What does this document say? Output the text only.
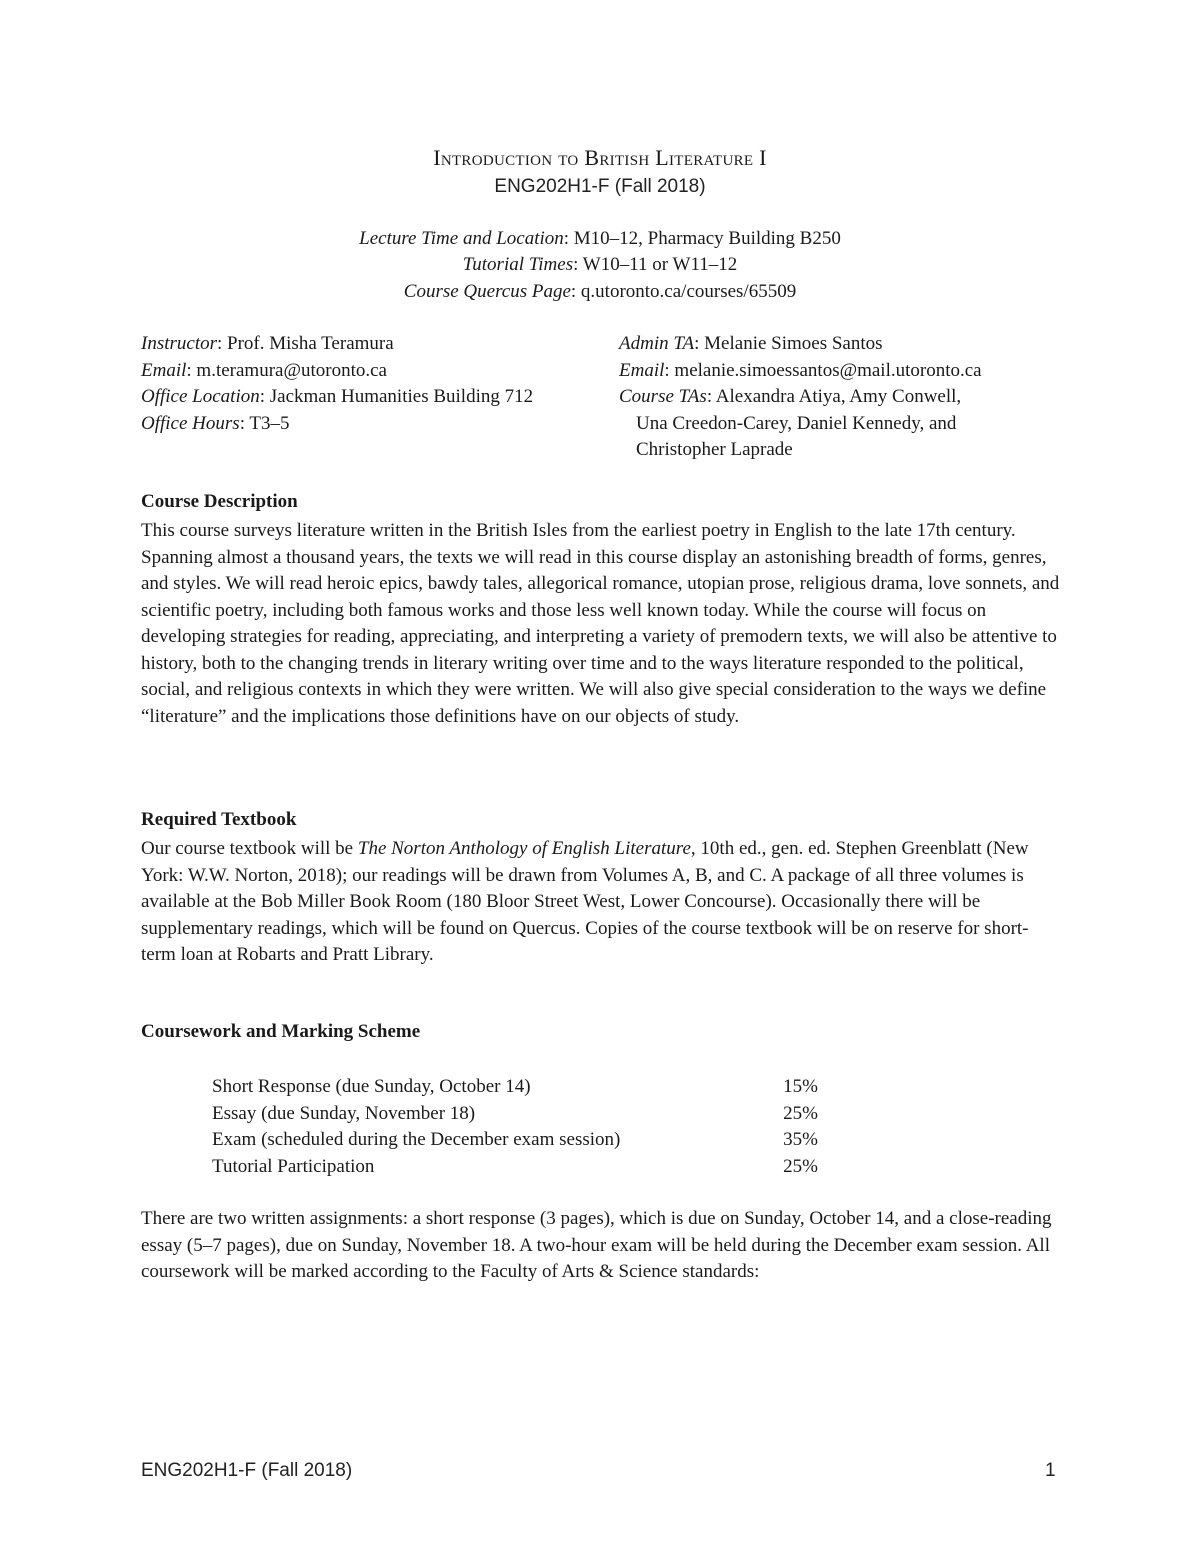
Introduction to British Literature I
ENG202H1-F (Fall 2018)
Lecture Time and Location: M10–12, Pharmacy Building B250
Tutorial Times: W10–11 or W11–12
Course Quercus Page: q.utoronto.ca/courses/65509
Instructor: Prof. Misha Teramura
Email: m.teramura@utoronto.ca
Office Location: Jackman Humanities Building 712
Office Hours: T3–5
Admin TA: Melanie Simoes Santos
Email: melanie.simoessantos@mail.utoronto.ca
Course TAs: Alexandra Atiya, Amy Conwell,
Una Creedon-Carey, Daniel Kennedy, and
Christopher Laprade
Course Description
This course surveys literature written in the British Isles from the earliest poetry in English to the late 17th century. Spanning almost a thousand years, the texts we will read in this course display an astonishing breadth of forms, genres, and styles. We will read heroic epics, bawdy tales, allegorical romance, utopian prose, religious drama, love sonnets, and scientific poetry, including both famous works and those less well known today. While the course will focus on developing strategies for reading, appreciating, and interpreting a variety of premodern texts, we will also be attentive to history, both to the changing trends in literary writing over time and to the ways literature responded to the political, social, and religious contexts in which they were written. We will also give special consideration to the ways we define “literature” and the implications those definitions have on our objects of study.
Required Textbook
Our course textbook will be The Norton Anthology of English Literature, 10th ed., gen. ed. Stephen Greenblatt (New York: W.W. Norton, 2018); our readings will be drawn from Volumes A, B, and C. A package of all three volumes is available at the Bob Miller Book Room (180 Bloor Street West, Lower Concourse). Occasionally there will be supplementary readings, which will be found on Quercus. Copies of the course textbook will be on reserve for short-term loan at Robarts and Pratt Library.
Coursework and Marking Scheme
Short Response (due Sunday, October 14)	15%
Essay (due Sunday, November 18)	25%
Exam (scheduled during the December exam session)	35%
Tutorial Participation	25%
There are two written assignments: a short response (3 pages), which is due on Sunday, October 14, and a close-reading essay (5–7 pages), due on Sunday, November 18. A two-hour exam will be held during the December exam session. All coursework will be marked according to the Faculty of Arts & Science standards:
ENG202H1-F (Fall 2018)	1
